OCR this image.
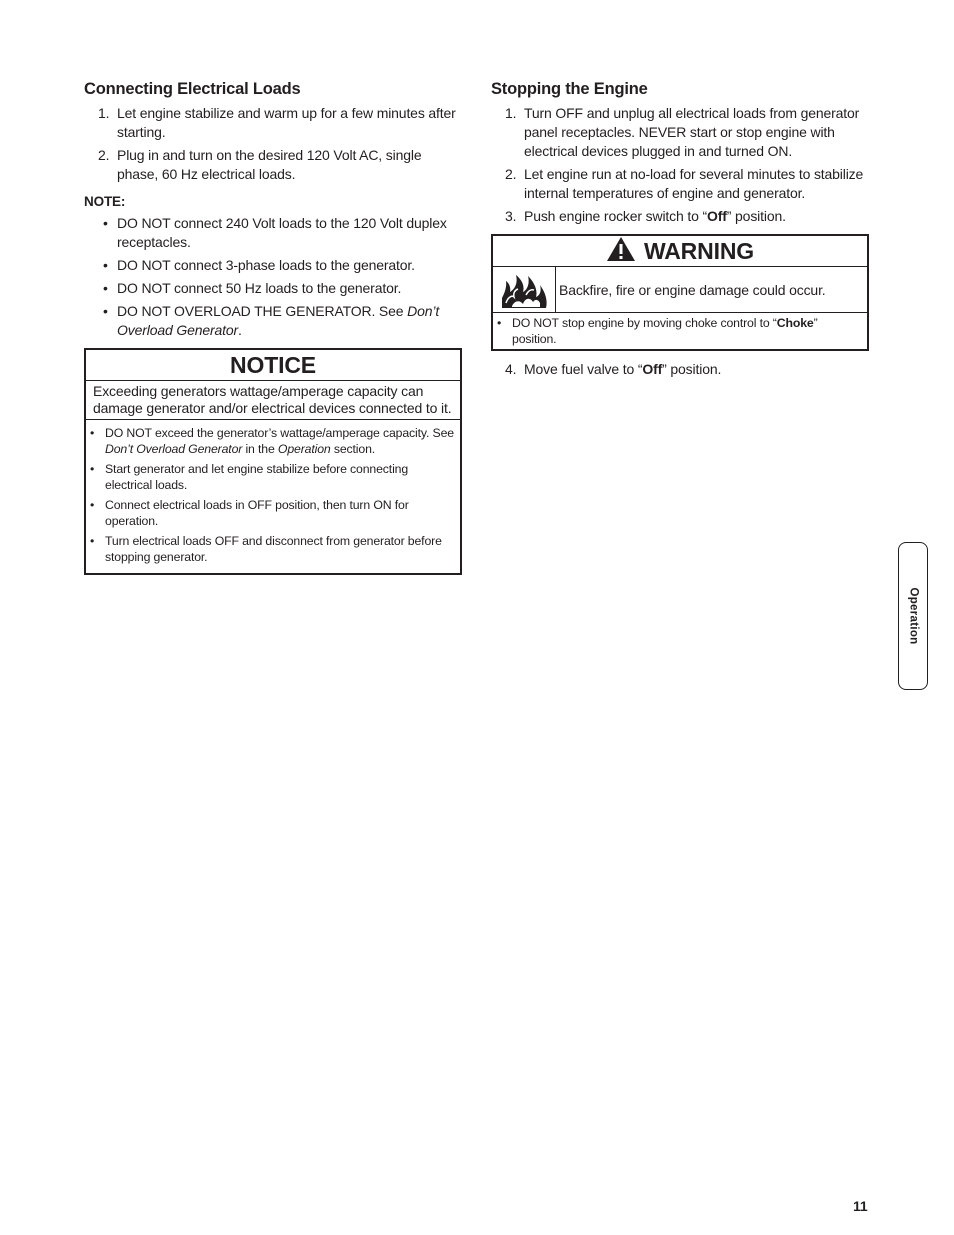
Connecting Electrical Loads
1. Let engine stabilize and warm up for a few minutes after starting.
2. Plug in and turn on the desired 120 Volt AC, single phase, 60 Hz electrical loads.
NOTE:
• DO NOT connect 240 Volt loads to the 120 Volt duplex receptacles.
• DO NOT connect 3-phase loads to the generator.
• DO NOT connect 50 Hz loads to the generator.
• DO NOT OVERLOAD THE GENERATOR. See Don’t Overload Generator.
NOTICE
Exceeding generators wattage/amperage capacity can damage generator and/or electrical devices connected to it.
• DO NOT exceed the generator’s wattage/amperage capacity. See Don’t Overload Generator in the Operation section.
• Start generator and let engine stabilize before connecting electrical loads.
• Connect electrical loads in OFF position, then turn ON for operation.
• Turn electrical loads OFF and disconnect from generator before stopping generator.
Stopping the Engine
1. Turn OFF and unplug all electrical loads from generator panel receptacles. NEVER start or stop engine with electrical devices plugged in and turned ON.
2. Let engine run at no-load for several minutes to stabilize internal temperatures of engine and generator.
3. Push engine rocker switch to “Off” position.
WARNING
Backfire, fire or engine damage could occur.
• DO NOT stop engine by moving choke control to “Choke” position.
4. Move fuel valve to “Off” position.
Operation
11
